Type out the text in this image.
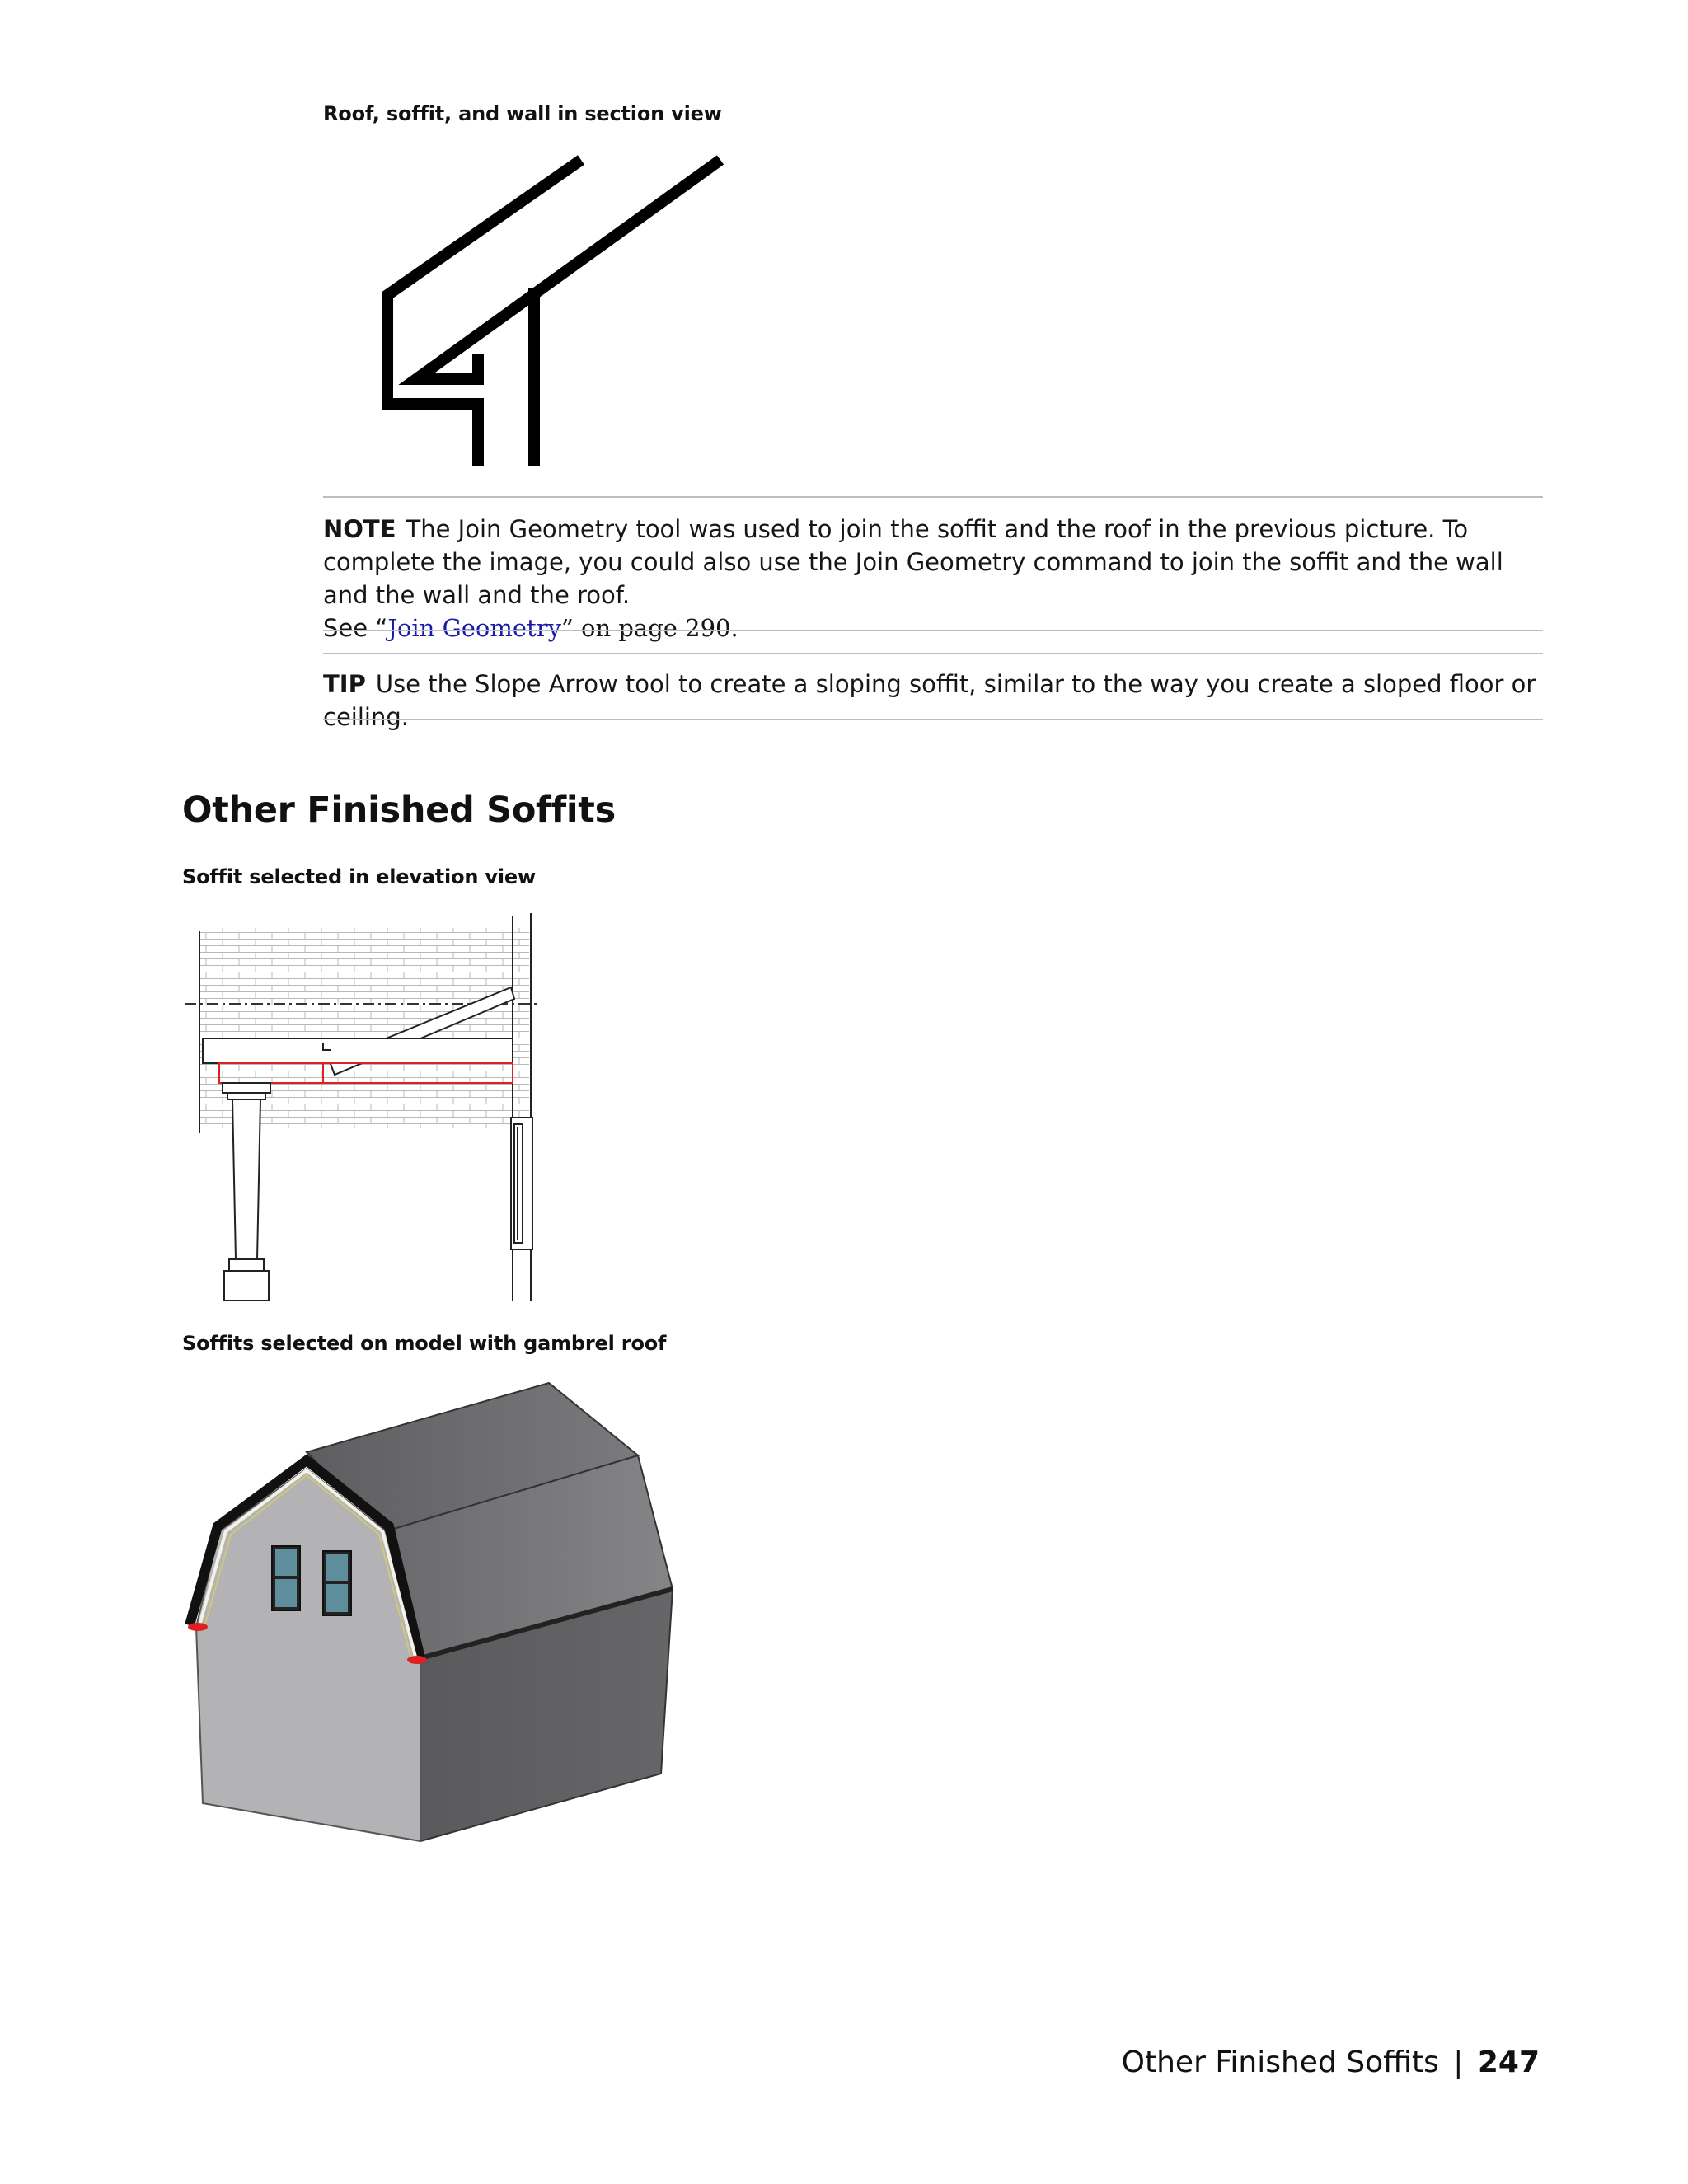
Roof, soffit, and wall in section view
NOTE The Join Geometry tool was used to join the soffit and the roof in the previous picture. To complete the image, you could also use the Join Geometry command to join the soffit and the wall and the wall and the roof.
See “Join Geometry” on page 290.
TIP Use the Slope Arrow tool to create a sloping soffit, similar to the way you create a sloped floor or ceiling.
Other Finished Soffits
Soffit selected in elevation view
Soffits selected on model with gambrel roof
Other Finished Soffits | 247
